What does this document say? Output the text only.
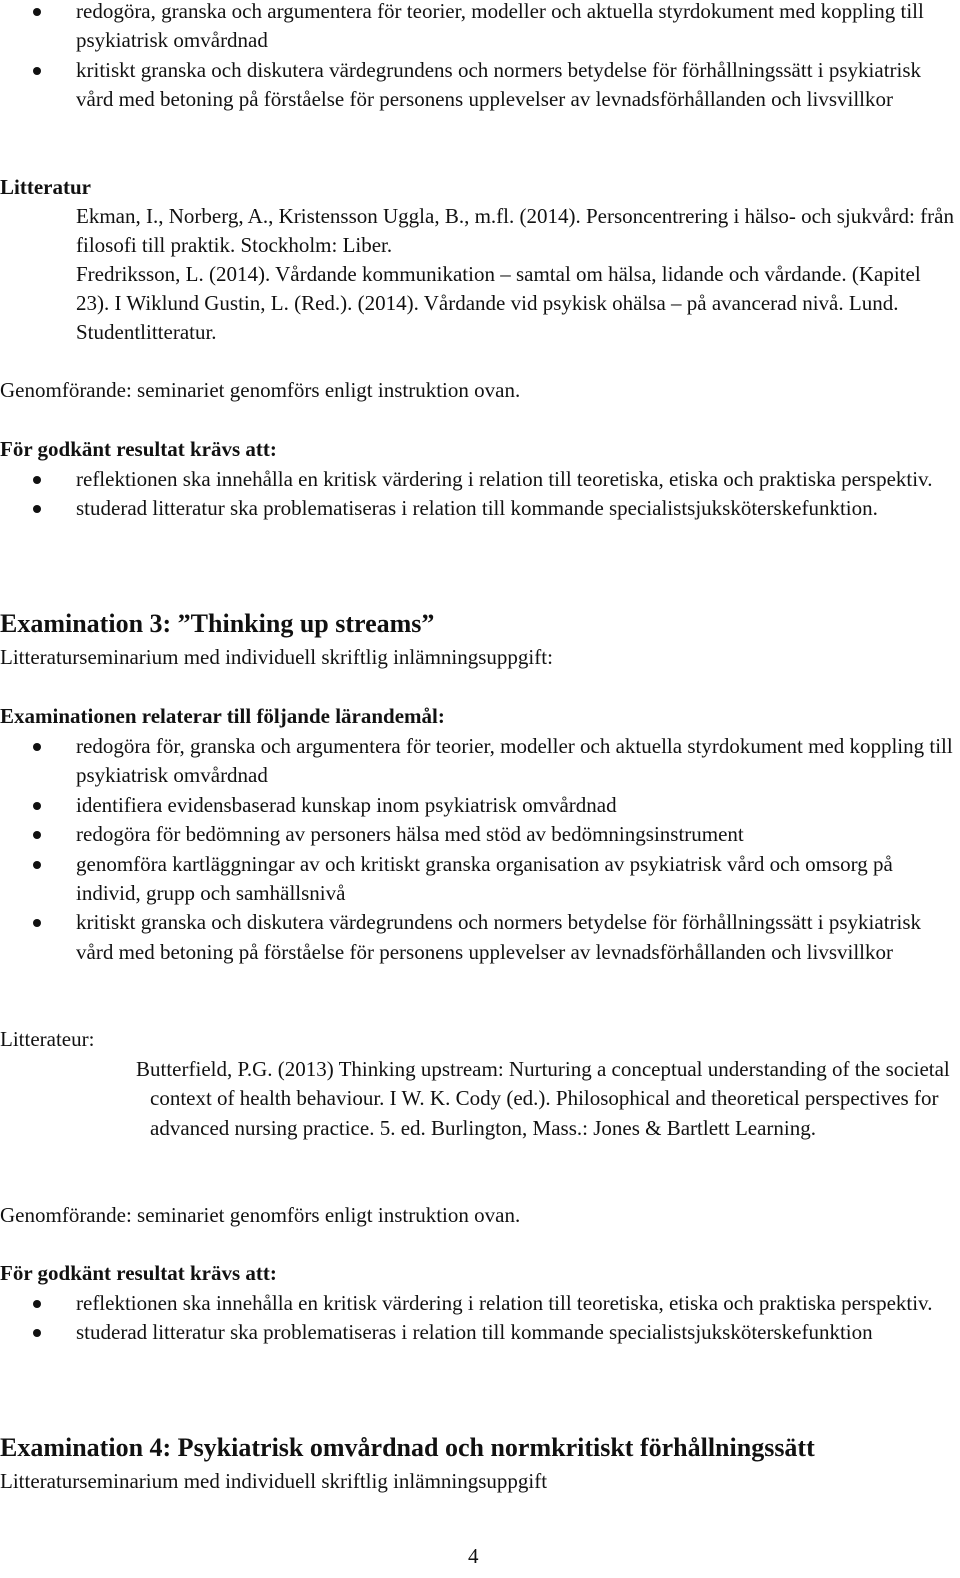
redogöra, granska och argumentera för teorier, modeller och aktuella styrdokument med koppling till psykiatrisk omvårdnad
kritiskt granska och diskutera värdegrundens och normers betydelse för förhållningssätt i psykiatrisk vård med betoning på förståelse för personens upplevelser av levnadsförhållanden och livsvillkor
Litteratur
Ekman, I., Norberg, A., Kristensson Uggla, B., m.fl. (2014). Personcentrering i hälso- och sjukvård: från filosofi till praktik. Stockholm: Liber.
Fredriksson, L. (2014). Vårdande kommunikation – samtal om hälsa, lidande och vårdande. (Kapitel 23). I Wiklund Gustin, L. (Red.). (2014). Vårdande vid psykisk ohälsa – på avancerad nivå. Lund. Studentlitteratur.
Genomförande: seminariet genomförs enligt instruktion ovan.
För godkänt resultat krävs att:
reflektionen ska innehålla en kritisk värdering i relation till teoretiska, etiska och praktiska perspektiv.
studerad litteratur ska problematiseras i relation till kommande specialistsjuksköterskefunktion.
Examination 3: ”Thinking up streams”
Litteraturseminarium med individuell skriftlig inlämningsuppgift:
Examinationen relaterar till följande lärandemål:
redogöra för, granska och argumentera för teorier, modeller och aktuella styrdokument med koppling till psykiatrisk omvårdnad
identifiera evidensbaserad kunskap inom psykiatrisk omvårdnad
redogöra för bedömning av personers hälsa med stöd av bedömningsinstrument
genomföra kartläggningar av och kritiskt granska organisation av psykiatrisk vård och omsorg på individ, grupp och samhällsnivå
kritiskt granska och diskutera värdegrundens och normers betydelse för förhållningssätt i psykiatrisk vård med betoning på förståelse för personens upplevelser av levnadsförhållanden och livsvillkor
Litterateur:
Butterfield, P.G. (2013) Thinking upstream: Nurturing a conceptual understanding of the societal context of health behaviour. I W. K. Cody (ed.). Philosophical and theoretical perspectives for advanced nursing practice. 5. ed. Burlington, Mass.: Jones & Bartlett Learning.
Genomförande: seminariet genomförs enligt instruktion ovan.
För godkänt resultat krävs att:
reflektionen ska innehålla en kritisk värdering i relation till teoretiska, etiska och praktiska perspektiv.
studerad litteratur ska problematiseras i relation till kommande specialistsjuksköterskefunktion
Examination 4: Psykiatrisk omvårdnad och normkritiskt förhållningssätt
Litteraturseminarium med individuell skriftlig inlämningsuppgift
4
